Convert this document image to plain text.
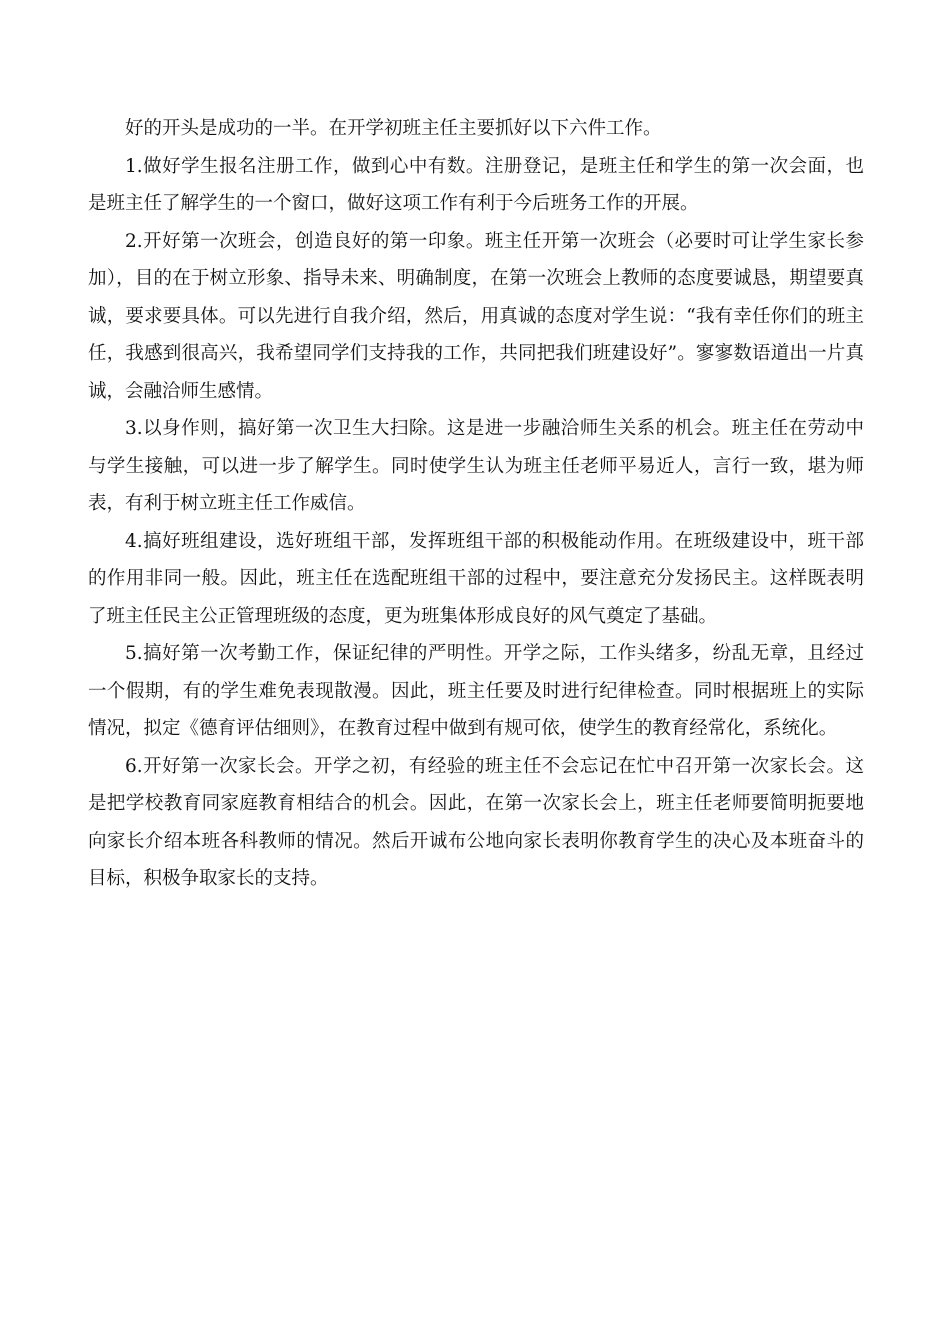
好的开头是成功的一半。在开学初班主任主要抓好以下六件工作。

1.做好学生报名注册工作，做到心中有数。注册登记，是班主任和学生的第一次会面，也是班主任了解学生的一个窗口，做好这项工作有利于今后班务工作的开展。

2.开好第一次班会，创造良好的第一印象。班主任开第一次班会（必要时可让学生家长参加），目的在于树立形象、指导未来、明确制度，在第一次班会上教师的态度要诚恳，期望要真诚，要求要具体。可以先进行自我介绍，然后，用真诚的态度对学生说：“我有幸任你们的班主任，我感到很高兴，我希望同学们支持我的工作，共同把我们班建设好”。寥寥数语道出一片真诚，会融洽师生感情。

3.以身作则，搞好第一次卫生大扫除。这是进一步融洽师生关系的机会。班主任在劳动中与学生接触，可以进一步了解学生。同时使学生认为班主任老师平易近人，言行一致，堪为师表，有利于树立班主任工作威信。

4.搞好班组建设，选好班组干部，发挥班组干部的积极能动作用。在班级建设中，班干部的作用非同一般。因此，班主任在选配班组干部的过程中，要注意充分发扬民主。这样既表明了班主任民主公正管理班级的态度，更为班集体形成良好的风气奠定了基础。

5.搞好第一次考勤工作，保证纪律的严明性。开学之际，工作头绪多，纷乱无章，且经过一个假期，有的学生难免表现散漫。因此，班主任要及时进行纪律检查。同时根据班上的实际情况，拟定《德育评估细则》，在教育过程中做到有规可依，使学生的教育经常化，系统化。

6.开好第一次家长会。开学之初，有经验的班主任不会忘记在忙中召开第一次家长会。这是把学校教育同家庭教育相结合的机会。因此，在第一次家长会上，班主任老师要简明扼要地向家长介绍本班各科教师的情况。然后开诚布公地向家长表明你教育学生的决心及本班奋斗的目标，积极争取家长的支持。
